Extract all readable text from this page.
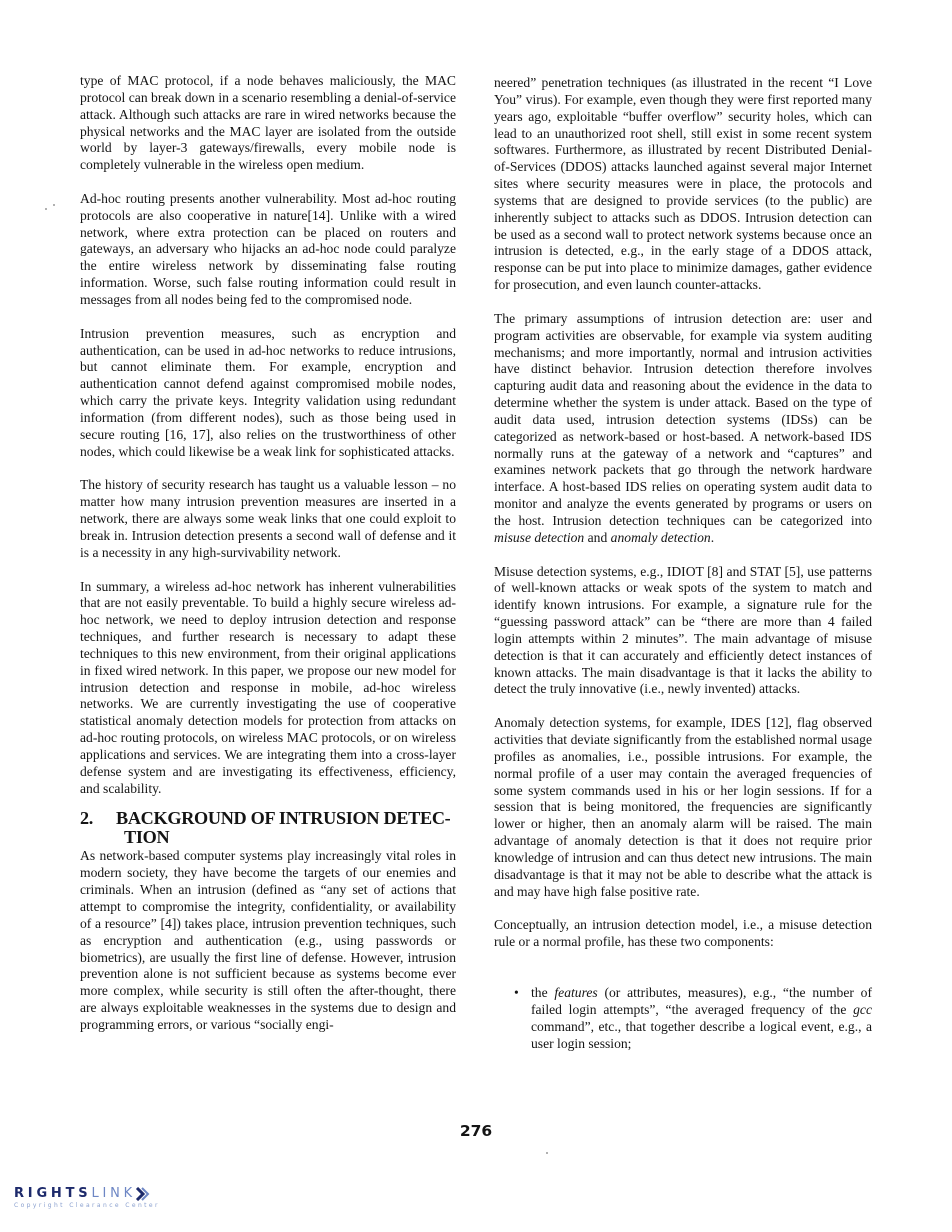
type of MAC protocol, if a node behaves maliciously, the MAC protocol can break down in a scenario resembling a denial-of-service attack. Although such attacks are rare in wired networks because the physical networks and the MAC layer are isolated from the outside world by layer-3 gateways/firewalls, every mobile node is completely vulnerable in the wireless open medium.

Ad-hoc routing presents another vulnerability. Most ad-hoc routing protocols are also cooperative in nature[14]. Unlike with a wired network, where extra protection can be placed on routers and gateways, an adversary who hijacks an ad-hoc node could paralyze the entire wireless network by disseminating false routing information. Worse, such false routing information could result in messages from all nodes being fed to the compromised node.

Intrusion prevention measures, such as encryption and authentication, can be used in ad-hoc networks to reduce intrusions, but cannot eliminate them. For example, encryption and authentication cannot defend against compromised mobile nodes, which carry the private keys. Integrity validation using redundant information (from different nodes), such as those being used in secure routing [16, 17], also relies on the trustworthiness of other nodes, which could likewise be a weak link for sophisticated attacks.

The history of security research has taught us a valuable lesson – no matter how many intrusion prevention measures are inserted in a network, there are always some weak links that one could exploit to break in. Intrusion detection presents a second wall of defense and it is a necessity in any high-survivability network.

In summary, a wireless ad-hoc network has inherent vulnerabilities that are not easily preventable. To build a highly secure wireless ad-hoc network, we need to deploy intrusion detection and response techniques, and further research is necessary to adapt these techniques to this new environment, from their original applications in fixed wired network. In this paper, we propose our new model for intrusion detection and response in mobile, ad-hoc wireless networks. We are currently investigating the use of cooperative statistical anomaly detection models for protection from attacks on ad-hoc routing protocols, on wireless MAC protocols, or on wireless applications and services. We are integrating them into a cross-layer defense system and are investigating its effectiveness, efficiency, and scalability.

2.	BACKGROUND OF INTRUSION DETEC-
TION

As network-based computer systems play increasingly vital roles in modern society, they have become the targets of our enemies and criminals. When an intrusion (defined as “any set of actions that attempt to compromise the integrity, confidentiality, or availability of a resource” [4]) takes place, intrusion prevention techniques, such as encryption and authentication (e.g., using passwords or biometrics), are usually the first line of defense. However, intrusion prevention alone is not sufficient because as systems become ever more complex, while security is still often the after-thought, there are always exploitable weaknesses in the systems due to design and programming errors, or various “socially engi-

neered” penetration techniques (as illustrated in the recent “I Love You” virus). For example, even though they were first reported many years ago, exploitable “buffer overflow” security holes, which can lead to an unauthorized root shell, still exist in some recent system softwares. Furthermore, as illustrated by recent Distributed Denial-of-Services (DDOS) attacks launched against several major Internet sites where security measures were in place, the protocols and systems that are designed to provide services (to the public) are inherently subject to attacks such as DDOS. Intrusion detection can be used as a second wall to protect network systems because once an intrusion is detected, e.g., in the early stage of a DDOS attack, response can be put into place to minimize damages, gather evidence for prosecution, and even launch counter-attacks.

The primary assumptions of intrusion detection are: user and program activities are observable, for example via system auditing mechanisms; and more importantly, normal and intrusion activities have distinct behavior. Intrusion detection therefore involves capturing audit data and reasoning about the evidence in the data to determine whether the system is under attack. Based on the type of audit data used, intrusion detection systems (IDSs) can be categorized as network-based or host-based. A network-based IDS normally runs at the gateway of a network and “captures” and examines network packets that go through the network hardware interface. A host-based IDS relies on operating system audit data to monitor and analyze the events generated by programs or users on the host. Intrusion detection techniques can be categorized into misuse detection and anomaly detection.

Misuse detection systems, e.g., IDIOT [8] and STAT [5], use patterns of well-known attacks or weak spots of the system to match and identify known intrusions. For example, a signature rule for the “guessing password attack” can be “there are more than 4 failed login attempts within 2 minutes”. The main advantage of misuse detection is that it can accurately and efficiently detect instances of known attacks. The main disadvantage is that it lacks the ability to detect the truly innovative (i.e., newly invented) attacks.

Anomaly detection systems, for example, IDES [12], flag observed activities that deviate significantly from the established normal usage profiles as anomalies, i.e., possible intrusions. For example, the normal profile of a user may contain the averaged frequencies of some system commands used in his or her login sessions. If for a session that is being monitored, the frequencies are significantly lower or higher, then an anomaly alarm will be raised. The main advantage of anomaly detection is that it does not require prior knowledge of intrusion and can thus detect new intrusions. The main disadvantage is that it may not be able to describe what the attack is and may have high false positive rate.

Conceptually, an intrusion detection model, i.e., a misuse detection rule or a normal profile, has these two components:

• the features (or attributes, measures), e.g., “the number of failed login attempts”, “the averaged frequency of the gcc command”, etc., that together describe a logical event, e.g., a user login session;
276
RIGHTS LINK
Copyright Clearance Center
